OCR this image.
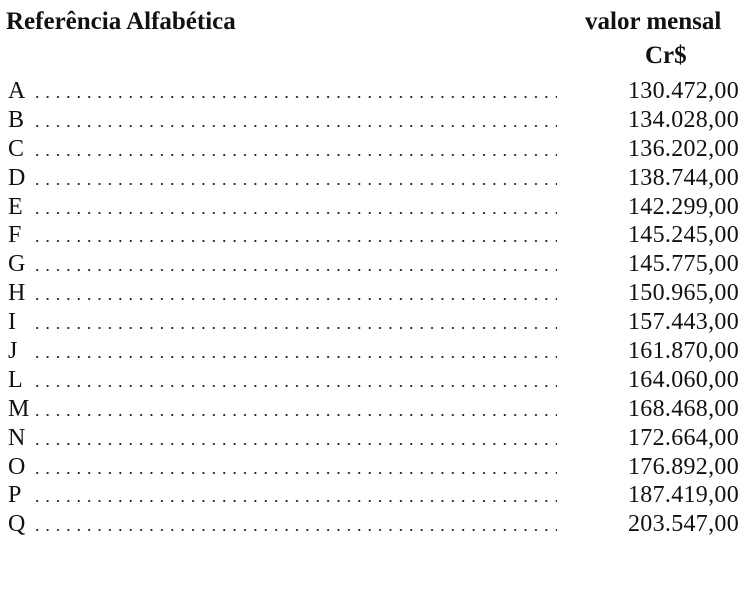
Referência Alfabética	valor mensal
Cr$
A	130.472,00
B	134.028,00
C	136.202,00
D	138.744,00
E	142.299,00
F	145.245,00
G	145.775,00
H	150.965,00
I	157.443,00
J	161.870,00
L	164.060,00
M	168.468,00
N	172.664,00
O	176.892,00
P	187.419,00
Q	203.547,00
